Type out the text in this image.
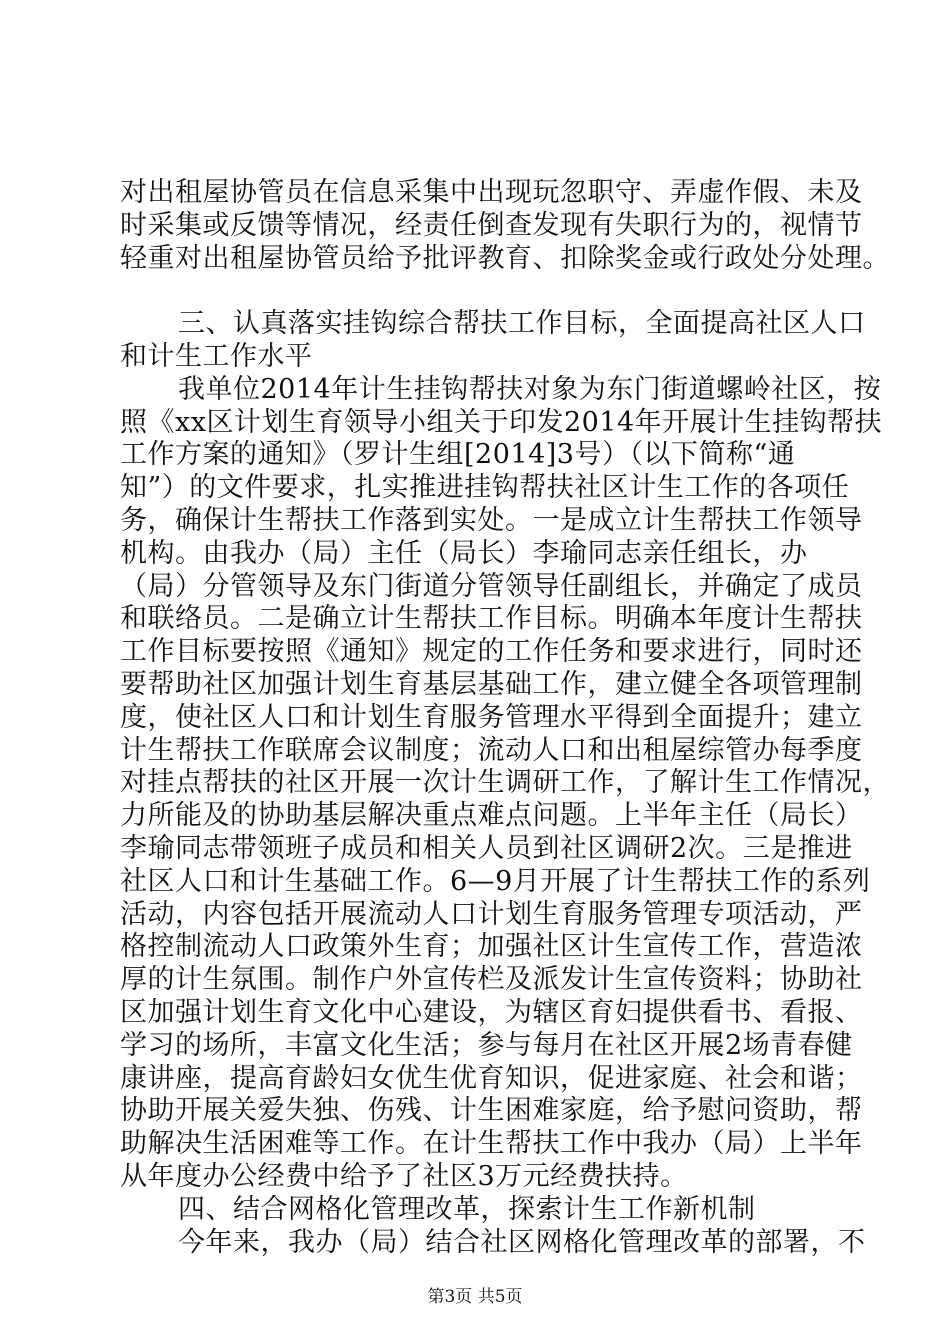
对出租屋协管员在信息采集中出现玩忽职守、弄虚作假、未及
时采集或反馈等情况，经责任倒查发现有失职行为的，视情节
轻重对出租屋协管员给予批评教育、扣除奖金或行政处分处理。
三、认真落实挂钩综合帮扶工作目标，全面提高社区人口
和计生工作水平
我单位2014年计生挂钩帮扶对象为东门街道螺岭社区，按
照《xx区计划生育领导小组关于印发2014年开展计生挂钩帮扶
工作方案的通知》（罗计生组[2014]3号）（以下简称“通
知”）的文件要求，扎实推进挂钩帮扶社区计生工作的各项任
务，确保计生帮扶工作落到实处。一是成立计生帮扶工作领导
机构。由我办（局）主任（局长）李瑜同志亲任组长，办
（局）分管领导及东门街道分管领导任副组长，并确定了成员
和联络员。二是确立计生帮扶工作目标。明确本年度计生帮扶
工作目标要按照《通知》规定的工作任务和要求进行，同时还
要帮助社区加强计划生育基层基础工作，建立健全各项管理制
度，使社区人口和计划生育服务管理水平得到全面提升；建立
计生帮扶工作联席会议制度；流动人口和出租屋综管办每季度
对挂点帮扶的社区开展一次计生调研工作，了解计生工作情况，
力所能及的协助基层解决重点难点问题。上半年主任（局长）
李瑜同志带领班子成员和相关人员到社区调研2次。三是推进
社区人口和计生基础工作。6—9月开展了计生帮扶工作的系列
活动，内容包括开展流动人口计划生育服务管理专项活动，严
格控制流动人口政策外生育；加强社区计生宣传工作，营造浓
厚的计生氛围。制作户外宣传栏及派发计生宣传资料；协助社
区加强计划生育文化中心建设，为辖区育妇提供看书、看报、
学习的场所，丰富文化生活；参与每月在社区开展2场青春健
康讲座，提高育龄妇女优生优育知识，促进家庭、社会和谐；
协助开展关爱失独、伤残、计生困难家庭，给予慰问资助，帮
助解决生活困难等工作。在计生帮扶工作中我办（局）上半年
从年度办公经费中给予了社区3万元经费扶持。
四、结合网格化管理改革，探索计生工作新机制
今年来，我办（局）结合社区网格化管理改革的部署，不
第3页 共5页
